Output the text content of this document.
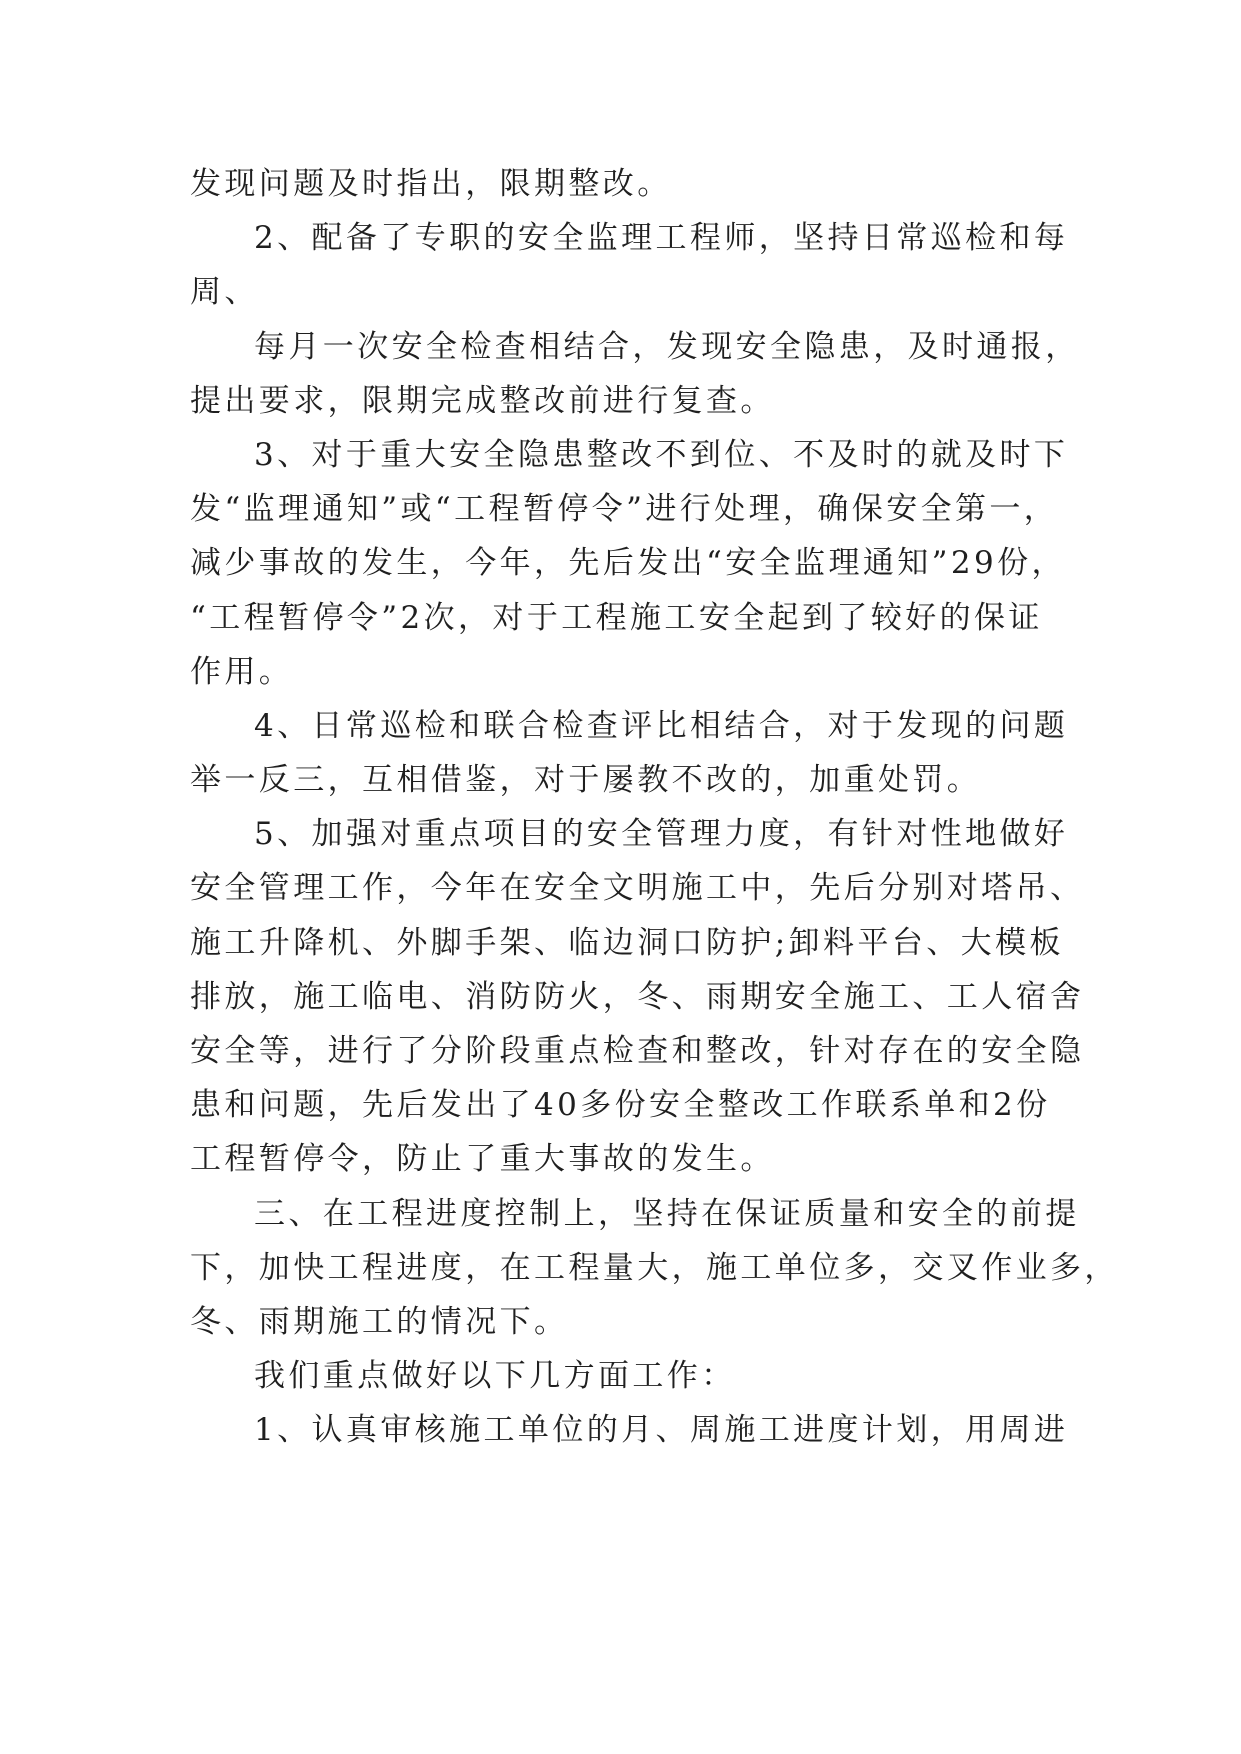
发现问题及时指出，限期整改。
2、配备了专职的安全监理工程师，坚持日常巡检和每
周、
每月一次安全检查相结合，发现安全隐患，及时通报，
提出要求，限期完成整改前进行复查。
3、对于重大安全隐患整改不到位、不及时的就及时下
发“监理通知”或“工程暂停令”进行处理，确保安全第一，
减少事故的发生，今年，先后发出“安全监理通知”29份，
“工程暂停令”2次，对于工程施工安全起到了较好的保证
作用。
4、日常巡检和联合检查评比相结合，对于发现的问题
举一反三，互相借鉴，对于屡教不改的，加重处罚。
5、加强对重点项目的安全管理力度，有针对性地做好
安全管理工作，今年在安全文明施工中，先后分别对塔吊、
施工升降机、外脚手架、临边洞口防护;卸料平台、大模板
排放，施工临电、消防防火，冬、雨期安全施工、工人宿舍
安全等，进行了分阶段重点检查和整改，针对存在的安全隐
患和问题，先后发出了40多份安全整改工作联系单和2份
工程暂停令，防止了重大事故的发生。
三、在工程进度控制上，坚持在保证质量和安全的前提
下，加快工程进度，在工程量大，施工单位多，交叉作业多，
冬、雨期施工的情况下。
我们重点做好以下几方面工作：
1、认真审核施工单位的月、周施工进度计划，用周进
